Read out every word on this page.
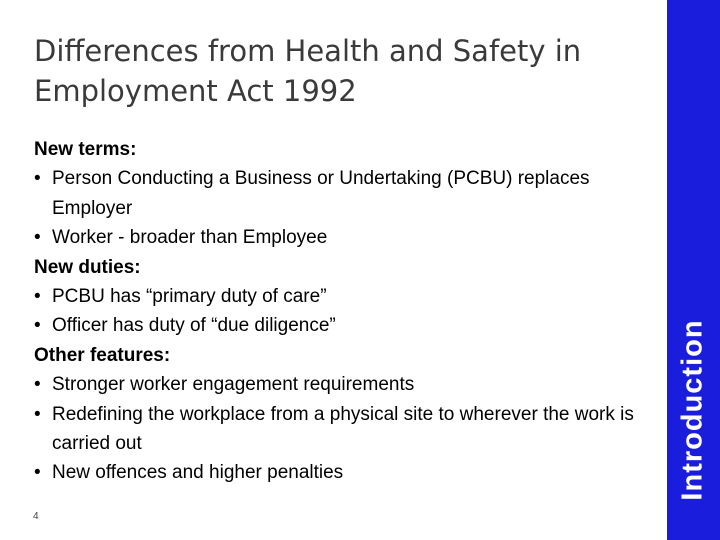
Differences from Health and Safety in
Employment Act 1992
New terms:
• Person Conducting a Business or Undertaking (PCBU) replaces Employer
• Worker - broader than Employee
New duties:
• PCBU has “primary duty of care”
• Officer has duty of “due diligence”
Other features:
• Stronger worker engagement requirements
• Redefining the workplace from a physical site to wherever the work is carried out
• New offences and higher penalties
4
Introduction
